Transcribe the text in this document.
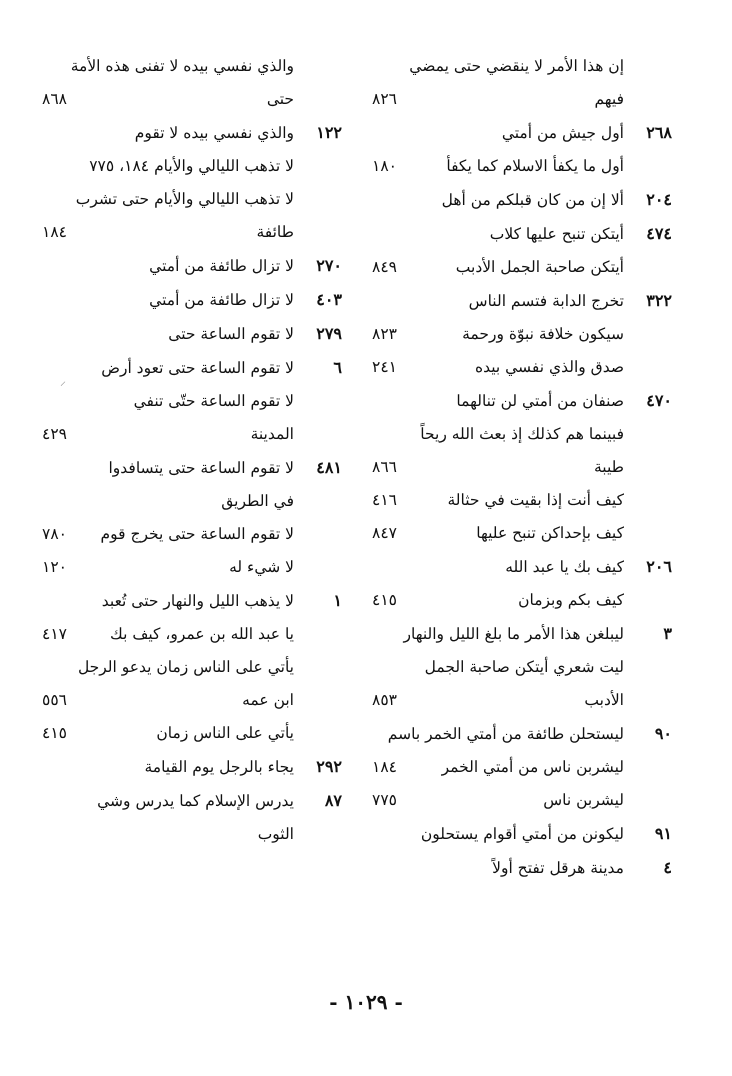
إن هذا الأمر لا ينقضي حتى يمضي
فيهم
٨٢٦
٢٦٨
أول جيش من أمتي
أول ما يكفأ الاسلام كما يكفأ
١٨٠
٢٠٤
ألا إن من كان قبلكم من أهل
٤٧٤
أيتكن تنبح عليها كلاب
أيتكن صاحبة الجمل الأدبب
٨٤٩
٣٢٢
تخرج الدابة فتسم الناس
سيكون خلافة نبوّة ورحمة
٨٢٣
صدق والذي نفسي بيده
٢٤١
٤٧٠
صنفان من أمتي لن تنالهما
فبينما هم كذلك إذ بعث الله ريحاً
طيبة
٨٦٦
كيف أنت إذا بقيت في حثالة
٤١٦
كيف بإحداكن تنبح عليها
٨٤٧
٢٠٦
كيف بك يا عبد الله
كيف بكم وبزمان
٤١٥
٣
ليبلغن هذا الأمر ما بلغ الليل والنهار
ليت شعري أيتكن صاحبة الجمل
الأدبب
٨٥٣
٩٠
ليستحلن طائفة من أمتي الخمر باسم
ليشربن ناس من أمتي الخمر
١٨٤
ليشربن ناس
٧٧٥
٩١
ليكونن من أمتي أقوام يستحلون
٤
مدينة هرقل تفتح أولاً
والذي نفسي بيده لا تفنى هذه الأمة
حتى
٨٦٨
١٢٢
والذي نفسي بيده لا تقوم
لا تذهب الليالي والأيام ١٨٤، ٧٧٥
لا تذهب الليالي والأيام حتى تشرب
طائفة
١٨٤
٢٧٠
لا تزال طائفة من أمتي
٤٠٣
لا تزال طائفة من أمتي
٢٧٩
لا تقوم الساعة حتى
٦
لا تقوم الساعة حتى تعود أرض
لا تقوم الساعة حتّى تنفي
المدينة
٤٢٩
٤٨١
لا تقوم الساعة حتى يتسافدوا
في الطريق
لا تقوم الساعة حتى يخرج قوم
٧٨٠
لا شيء له
١٢٠
١
لا يذهب الليل والنهار حتى تُعبد
يا عبد الله بن عمرو، كيف بك
٤١٧
يأتي على الناس زمان يدعو الرجل
ابن عمه
٥٥٦
يأتي على الناس زمان
٤١٥
٢٩٢
يجاء بالرجل يوم القيامة
٨٧
يدرس الإسلام كما يدرس وشي
الثوب
⸜
- ١٠٢٩ -
